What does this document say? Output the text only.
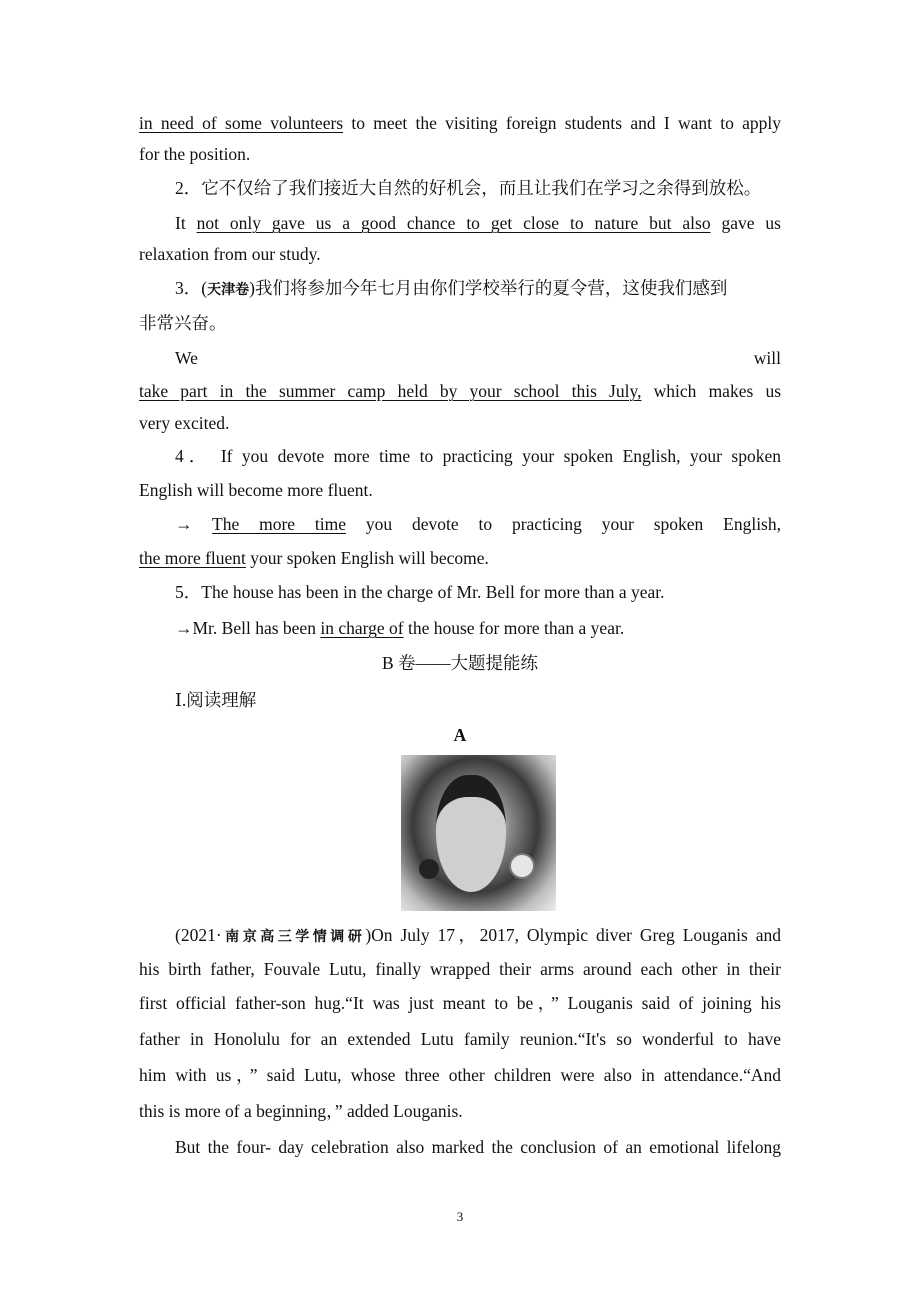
in need of some volunteers to meet the visiting foreign students and I want to apply
for the position.
2．它不仅给了我们接近大自然的好机会，而且让我们在学习之余得到放松。
It not only gave us a good chance to get close to nature but also gave us
relaxation from our study.
3．(天津卷)我们将参加今年七月由你们学校举行的夏令营，这使我们感到
非常兴奋。
We	will
take part in the summer camp held by your school this July, which makes us
very excited.
4． If you devote more time to practicing your spoken English, your spoken
English will become more fluent.
→ The more time you devote to practicing your spoken English,
the more fluent your spoken English will become.
5．The house has been in the charge of Mr. Bell for more than a year.
→Mr. Bell has been in charge of the house for more than a year.
B 卷——大题提能练
Ⅰ.阅读理解
A
(2021·南京高三学情调研)On July 17，2017, Olympic diver Greg Louganis and
his birth father, Fouvale Lutu, finally wrapped their arms around each other in their
first official father-son hug.“It was just meant to be，” Louganis said of joining his
father in Honolulu for an extended Lutu family reunion.“It's so wonderful to have
him with us，” said Lutu, whose three other children were also in attendance.“And
this is more of a beginning，” added Louganis.
But the four- day celebration also marked the conclusion of an emotional lifelong
3
